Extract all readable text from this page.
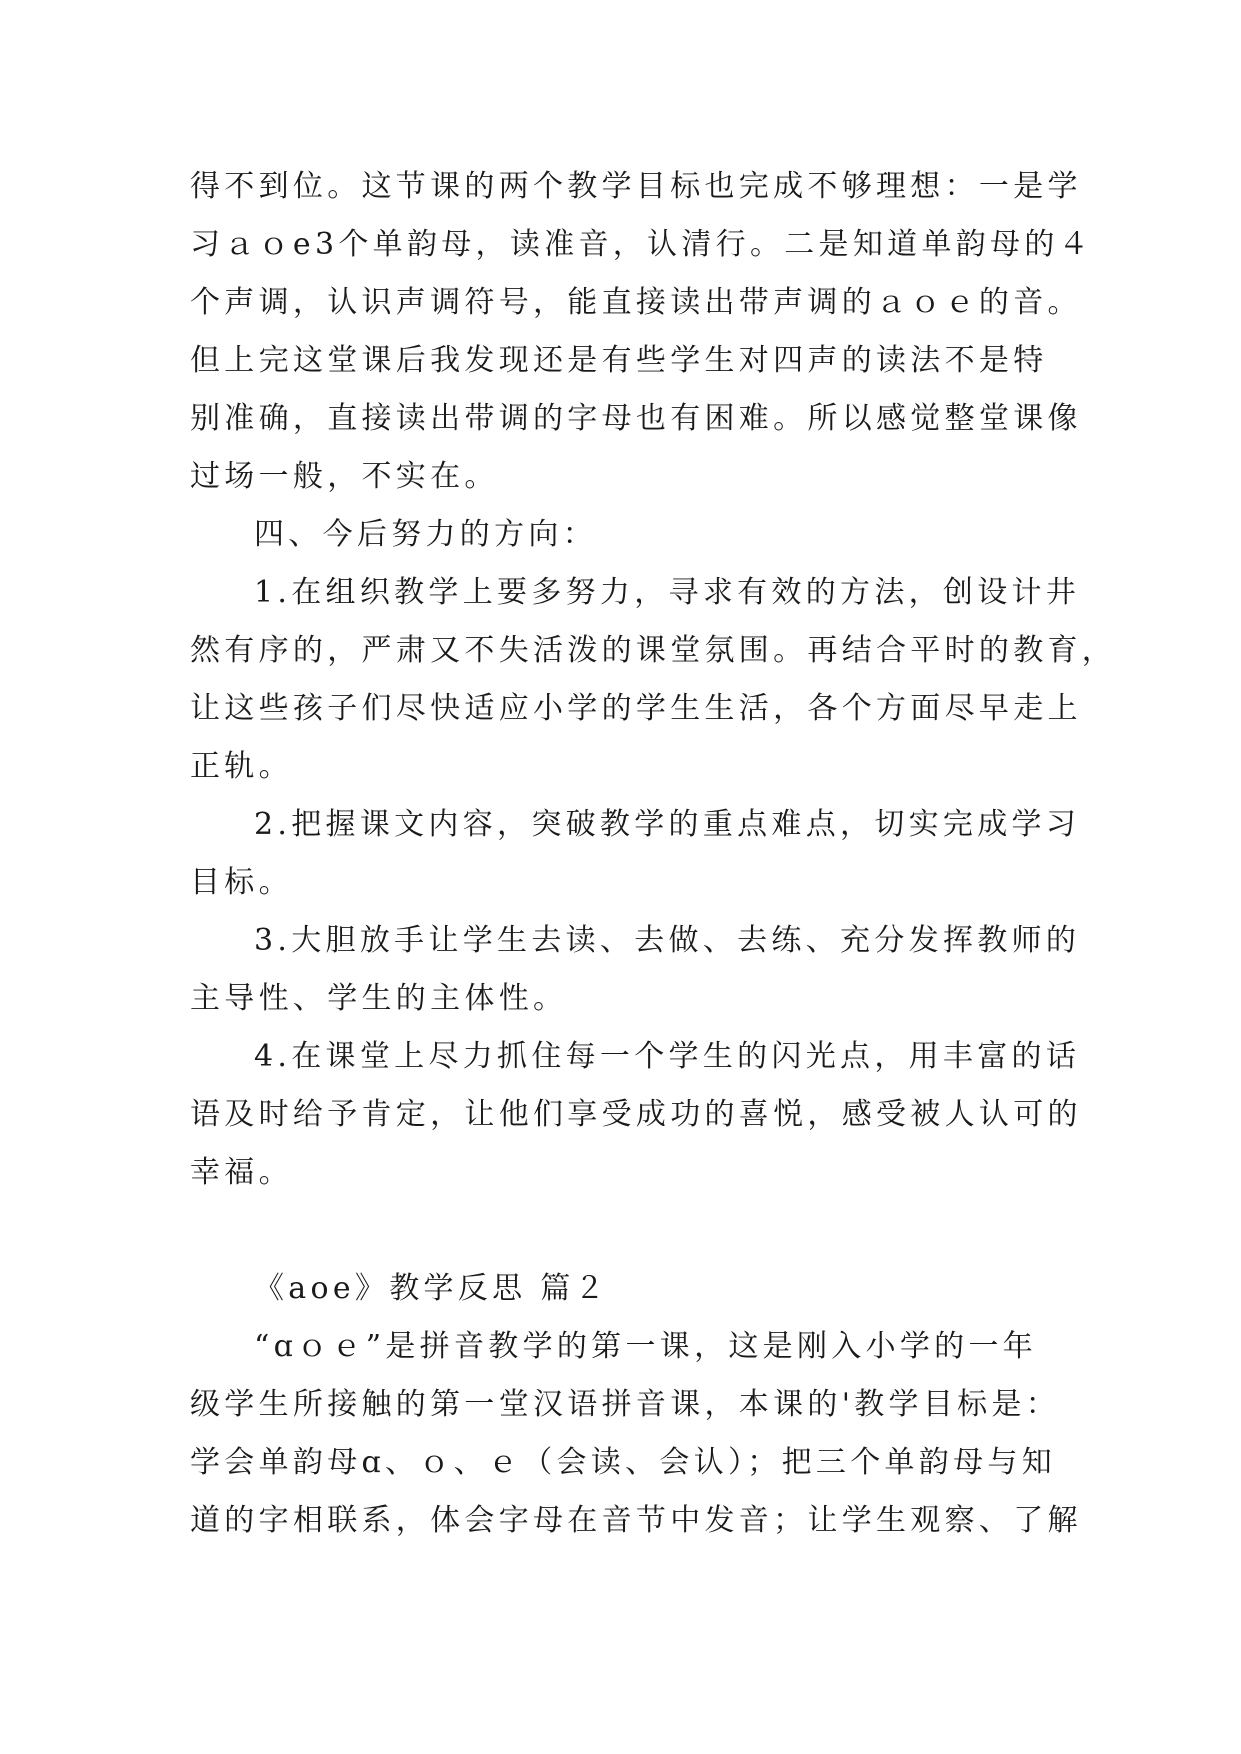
得不到位。这节课的两个教学目标也完成不够理想：一是学
习ａｏe3个单韵母，读准音，认清行。二是知道单韵母的４
个声调，认识声调符号，能直接读出带声调的ａｏｅ的音。
但上完这堂课后我发现还是有些学生对四声的读法不是特
别准确，直接读出带调的字母也有困难。所以感觉整堂课像
过场一般，不实在。
四、今后努力的方向：
1.在组织教学上要多努力，寻求有效的方法，创设计井
然有序的，严肃又不失活泼的课堂氛围。再结合平时的教育，
让这些孩子们尽快适应小学的学生生活，各个方面尽早走上
正轨。
2.把握课文内容，突破教学的重点难点，切实完成学习
目标。
3.大胆放手让学生去读、去做、去练、充分发挥教师的
主导性、学生的主体性。
4.在课堂上尽力抓住每一个学生的闪光点，用丰富的话
语及时给予肯定，让他们享受成功的喜悦，感受被人认可的
幸福。
《aoe》教学反思 篇２
“ɑｏｅ”是拼音教学的第一课，这是刚入小学的一年
级学生所接触的第一堂汉语拼音课，本课的'教学目标是：
学会单韵母ɑ、ｏ、ｅ（会读、会认）；把三个单韵母与知
道的字相联系，体会字母在音节中发音；让学生观察、了解
